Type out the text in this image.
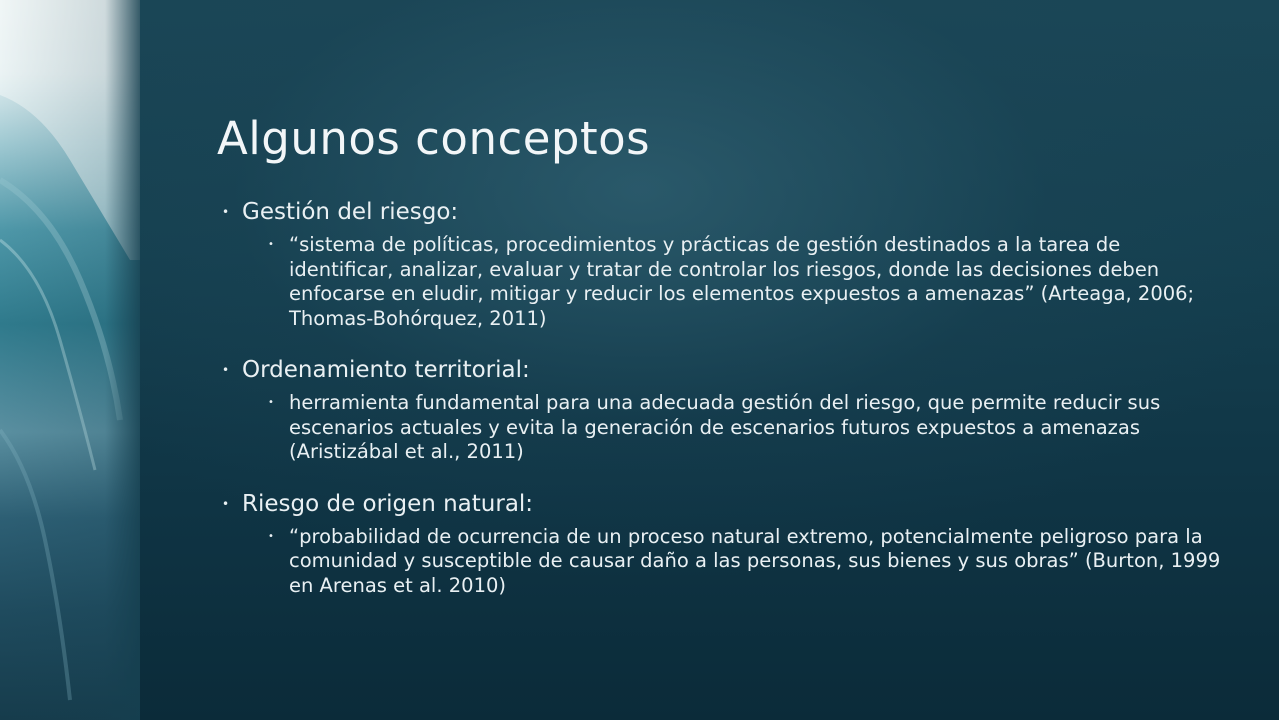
Algunos conceptos

• Gestión del riesgo:

• “sistema de políticas, procedimientos y prácticas de gestión destinados a la tarea de identificar, analizar, evaluar y tratar de controlar los riesgos, donde las decisiones deben enfocarse en eludir, mitigar y reducir los elementos expuestos a amenazas” (Arteaga, 2006; Thomas-Bohórquez, 2011)

• Ordenamiento territorial:

• herramienta fundamental para una adecuada gestión del riesgo, que permite reducir sus escenarios actuales y evita la generación de escenarios futuros expuestos a amenazas (Aristizábal et al., 2011)

• Riesgo de origen natural:

• “probabilidad de ocurrencia de un proceso natural extremo, potencialmente peligroso para la comunidad y susceptible de causar daño a las personas, sus bienes y sus obras” (Burton, 1999 en Arenas et al. 2010)
